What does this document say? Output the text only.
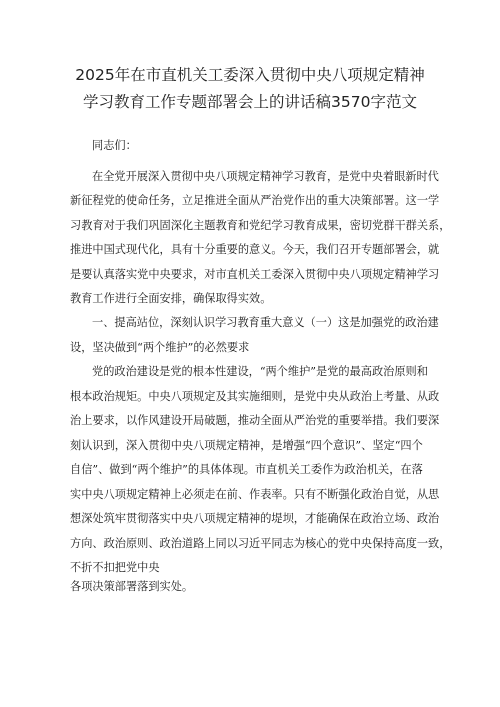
2025年在市直机关工委深入贯彻中央八项规定精神
学习教育工作专题部署会上的讲话稿3570字范文
同志们：
在全党开展深入贯彻中央八项规定精神学习教育，是党中央着眼新时代
新征程党的使命任务，立足推进全面从严治党作出的重大决策部署。这一学
习教育对于我们巩固深化主题教育和党纪学习教育成果，密切党群干群关系，
推进中国式现代化，具有十分重要的意义。今天，我们召开专题部署会，就
是要认真落实党中央要求，对市直机关工委深入贯彻中央八项规定精神学习
教育工作进行全面安排，确保取得实效。
一、提高站位，深刻认识学习教育重大意义（一）这是加强党的政治建
设，坚决做到“两个维护”的必然要求
党的政治建设是党的根本性建设，“两个维护”是党的最高政治原则和
根本政治规矩。中央八项规定及其实施细则，是党中央从政治上考量、从政
治上要求，以作风建设开局破题，推动全面从严治党的重要举措。我们要深
刻认识到，深入贯彻中央八项规定精神，是增强“四个意识”、坚定“四个
自信”、做到“两个维护”的具体体现。市直机关工委作为政治机关，在落
实中央八项规定精神上必须走在前、作表率。只有不断强化政治自觉，从思
想深处筑牢贯彻落实中央八项规定精神的堤坝，才能确保在政治立场、政治
方向、政治原则、政治道路上同以习近平同志为核心的党中央保持高度一致，
不折不扣把党中央
各项决策部署落到实处。
